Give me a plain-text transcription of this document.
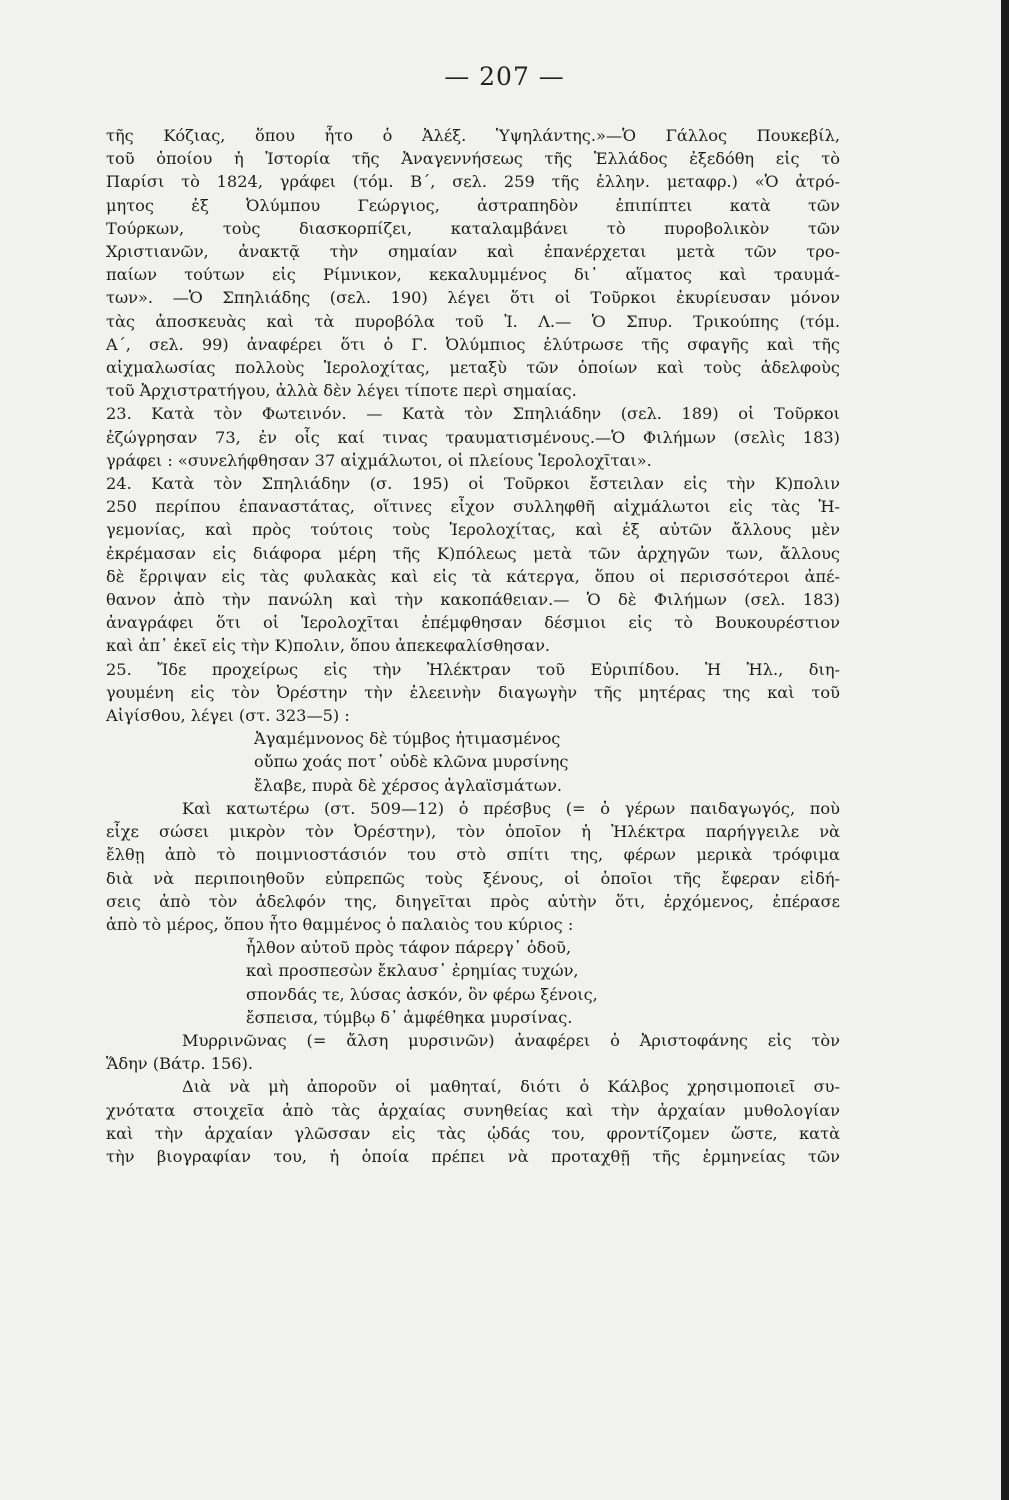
— 207 —
τῆς Κόζιας, ὅπου ἦτο ὁ Ἀλέξ. Ὑψηλάντης.»—Ὁ Γάλλος Πουκεβίλ,
τοῦ ὁποίου ἡ Ἱστορία τῆς Ἀναγεννήσεως τῆς Ἑλλάδος ἐξεδόθη εἰς τὸ
Παρίσι τὸ 1824, γράφει (τόμ. Β΄, σελ. 259 τῆς ἑλλην. μεταφρ.) «Ὁ ἀτρό-
μητος ἐξ Ὀλύμπου Γεώργιος, ἀστραπηδὸν ἐπιπίπτει κατὰ τῶν
Τούρκων, τοὺς διασκορπίζει, καταλαμβάνει τὸ πυροβολικὸν τῶν
Χριστιανῶν, ἀνακτᾷ τὴν σημαίαν καὶ ἐπανέρχεται μετὰ τῶν τρο-
παίων τούτων εἰς Ρίμνικον, κεκαλυμμένος δι᾿ αἵματος καὶ τραυμά-
των». —Ὁ Σπηλιάδης (σελ. 190) λέγει ὅτι οἱ Τοῦρκοι ἐκυρίευσαν μόνον
τὰς ἀποσκευὰς καὶ τὰ πυροβόλα τοῦ Ἰ. Λ.— Ὁ Σπυρ. Τρικούπης (τόμ.
Α΄, σελ. 99) ἀναφέρει ὅτι ὁ Γ. Ὀλύμπιος ἐλύτρωσε τῆς σφαγῆς καὶ τῆς
αἰχμαλωσίας πολλοὺς Ἱερολοχίτας, μεταξὺ τῶν ὁποίων καὶ τοὺς ἀδελφοὺς
τοῦ Ἀρχιστρατήγου, ἀλλὰ δὲν λέγει τίποτε περὶ σημαίας.
23. Κατὰ τὸν Φωτεινόν. — Κατὰ τὸν Σπηλιάδην (σελ. 189) οἱ Τοῦρκοι
ἐζώγρησαν 73, ἐν οἷς καί τινας τραυματισμένους.—Ὁ Φιλήμων (σελὶς 183)
γράφει : «συνελήφθησαν 37 αἰχμάλωτοι, οἱ πλείους Ἱερολοχῖται».
24. Κατὰ τὸν Σπηλιάδην (σ. 195) οἱ Τοῦρκοι ἔστειλαν εἰς τὴν Κ)πολιν
250 περίπου ἐπαναστάτας, οἵτινες εἶχον συλληφθῆ αἰχμάλωτοι εἰς τὰς Ἡ-
γεμονίας, καὶ πρὸς τούτοις τοὺς Ἱερολοχίτας, καὶ ἐξ αὐτῶν ἄλλους μὲν
ἐκρέμασαν εἰς διάφορα μέρη τῆς Κ)πόλεως μετὰ τῶν ἀρχηγῶν των, ἄλλους
δὲ ἔρριψαν εἰς τὰς φυλακὰς καὶ εἰς τὰ κάτεργα, ὅπου οἱ περισσότεροι ἀπέ-
θανον ἀπὸ τὴν πανώλη καὶ τὴν κακοπάθειαν.— Ὁ δὲ Φιλήμων (σελ. 183)
ἀναγράφει ὅτι οἱ Ἱερολοχῖται ἐπέμφθησαν δέσμιοι εἰς τὸ Βουκουρέστιον
καὶ ἀπ᾿ ἐκεῖ εἰς τὴν Κ)πολιν, ὅπου ἀπεκεφαλίσθησαν.
25. Ἴδε προχείρως εἰς τὴν Ἠλέκτραν τοῦ Εὐριπίδου. Ἡ Ἠλ., διη-
γουμένη εἰς τὸν Ὀρέστην τὴν ἐλεεινὴν διαγωγὴν τῆς μητέρας της καὶ τοῦ
Αἰγίσθου, λέγει (στ. 323—5) :
Ἀγαμέμνονος δὲ τύμβος ἠτιμασμένος
οὔπω χοάς ποτ᾿ οὐδὲ κλῶνα μυρσίνης
ἔλαβε, πυρὰ δὲ χέρσος ἀγλαϊσμάτων.
Καὶ κατωτέρω (στ. 509—12) ὁ πρέσβυς (= ὁ γέρων παιδαγωγός, ποὺ
εἶχε σώσει μικρὸν τὸν Ὀρέστην), τὸν ὁποῖον ἡ Ἠλέκτρα παρήγγειλε νὰ
ἔλθῃ ἀπὸ τὸ ποιμνιοστάσιόν του στὸ σπίτι της, φέρων μερικὰ τρόφιμα
διὰ νὰ περιποιηθοῦν εὐπρεπῶς τοὺς ξένους, οἱ ὁποῖοι τῆς ἔφεραν εἰδή-
σεις ἀπὸ τὸν ἀδελφόν της, διηγεῖται πρὸς αὐτὴν ὅτι, ἐρχόμενος, ἐπέρασε
ἀπὸ τὸ μέρος, ὅπου ἦτο θαμμένος ὁ παλαιὸς του κύριος :
ἦλθον αὐτοῦ πρὸς τάφον πάρεργ᾿ ὁδοῦ,
καὶ προσπεσὼν ἔκλαυσ᾿ ἐρημίας τυχών,
σπονδάς τε, λύσας ἀσκόν, ὃν φέρω ξένοις,
ἔσπεισα, τύμβῳ δ᾿ ἀμφέθηκα μυρσίνας.
Μυρρινῶνας (= ἄλση μυρσινῶν) ἀναφέρει ὁ Ἀριστοφάνης εἰς τὸν
Ἅδην (Βάτρ. 156).
Διὰ νὰ μὴ ἀποροῦν οἱ μαθηταί, διότι ὁ Κάλβος χρησιμοποιεῖ συ-
χνότατα στοιχεῖα ἀπὸ τὰς ἀρχαίας συνηθείας καὶ τὴν ἀρχαίαν μυθολογίαν
καὶ τὴν ἀρχαίαν γλῶσσαν εἰς τὰς ᾠδάς του, φροντίζομεν ὥστε, κατὰ
τὴν βιογραφίαν του, ἡ ὁποία πρέπει νὰ προταχθῇ τῆς ἑρμηνείας τῶν
